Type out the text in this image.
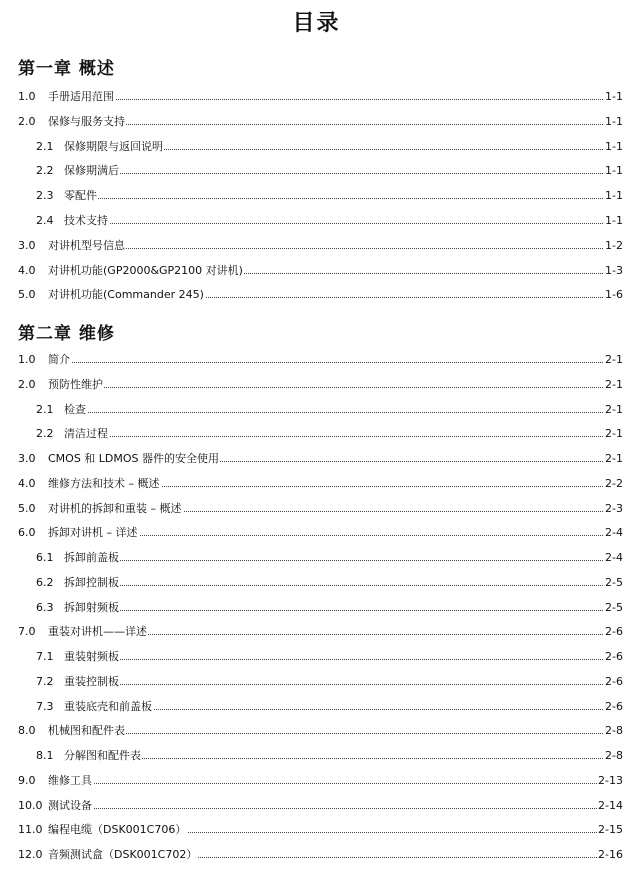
目录
第一章 概述
1.0 手册适用范围	1-1
2.0 保修与服务支持	1-1
2.1 保修期限与返回说明	1-1
2.2 保修期满后	1-1
2.3 零配件	1-1
2.4 技术支持	1-1
3.0 对讲机型号信息	1-2
4.0 对讲机功能(GP2000&GP2100 对讲机)	1-3
5.0 对讲机功能(Commander 245)	1-6
第二章 维修
1.0 简介	2-1
2.0 预防性维护	2-1
2.1 检查	2-1
2.2 清洁过程	2-1
3.0 CMOS 和 LDMOS 器件的安全使用	2-1
4.0 维修方法和技术 – 概述	2-2
5.0 对讲机的拆卸和重装 – 概述	2-3
6.0 拆卸对讲机 – 详述	2-4
6.1 拆卸前盖板	2-4
6.2 拆卸控制板	2-5
6.3 拆卸射频板	2-5
7.0 重装对讲机——详述	2-6
7.1 重装射频板	2-6
7.2 重装控制板	2-6
7.3 重装底壳和前盖板	2-6
8.0 机械图和配件表	2-8
8.1 分解图和配件表	2-8
9.0 维修工具	2-13
10.0 测试设备	2-14
11.0 编程电缆（DSK001C706）	2-15
12.0 音频测试盒（DSK001C702）	2-16
